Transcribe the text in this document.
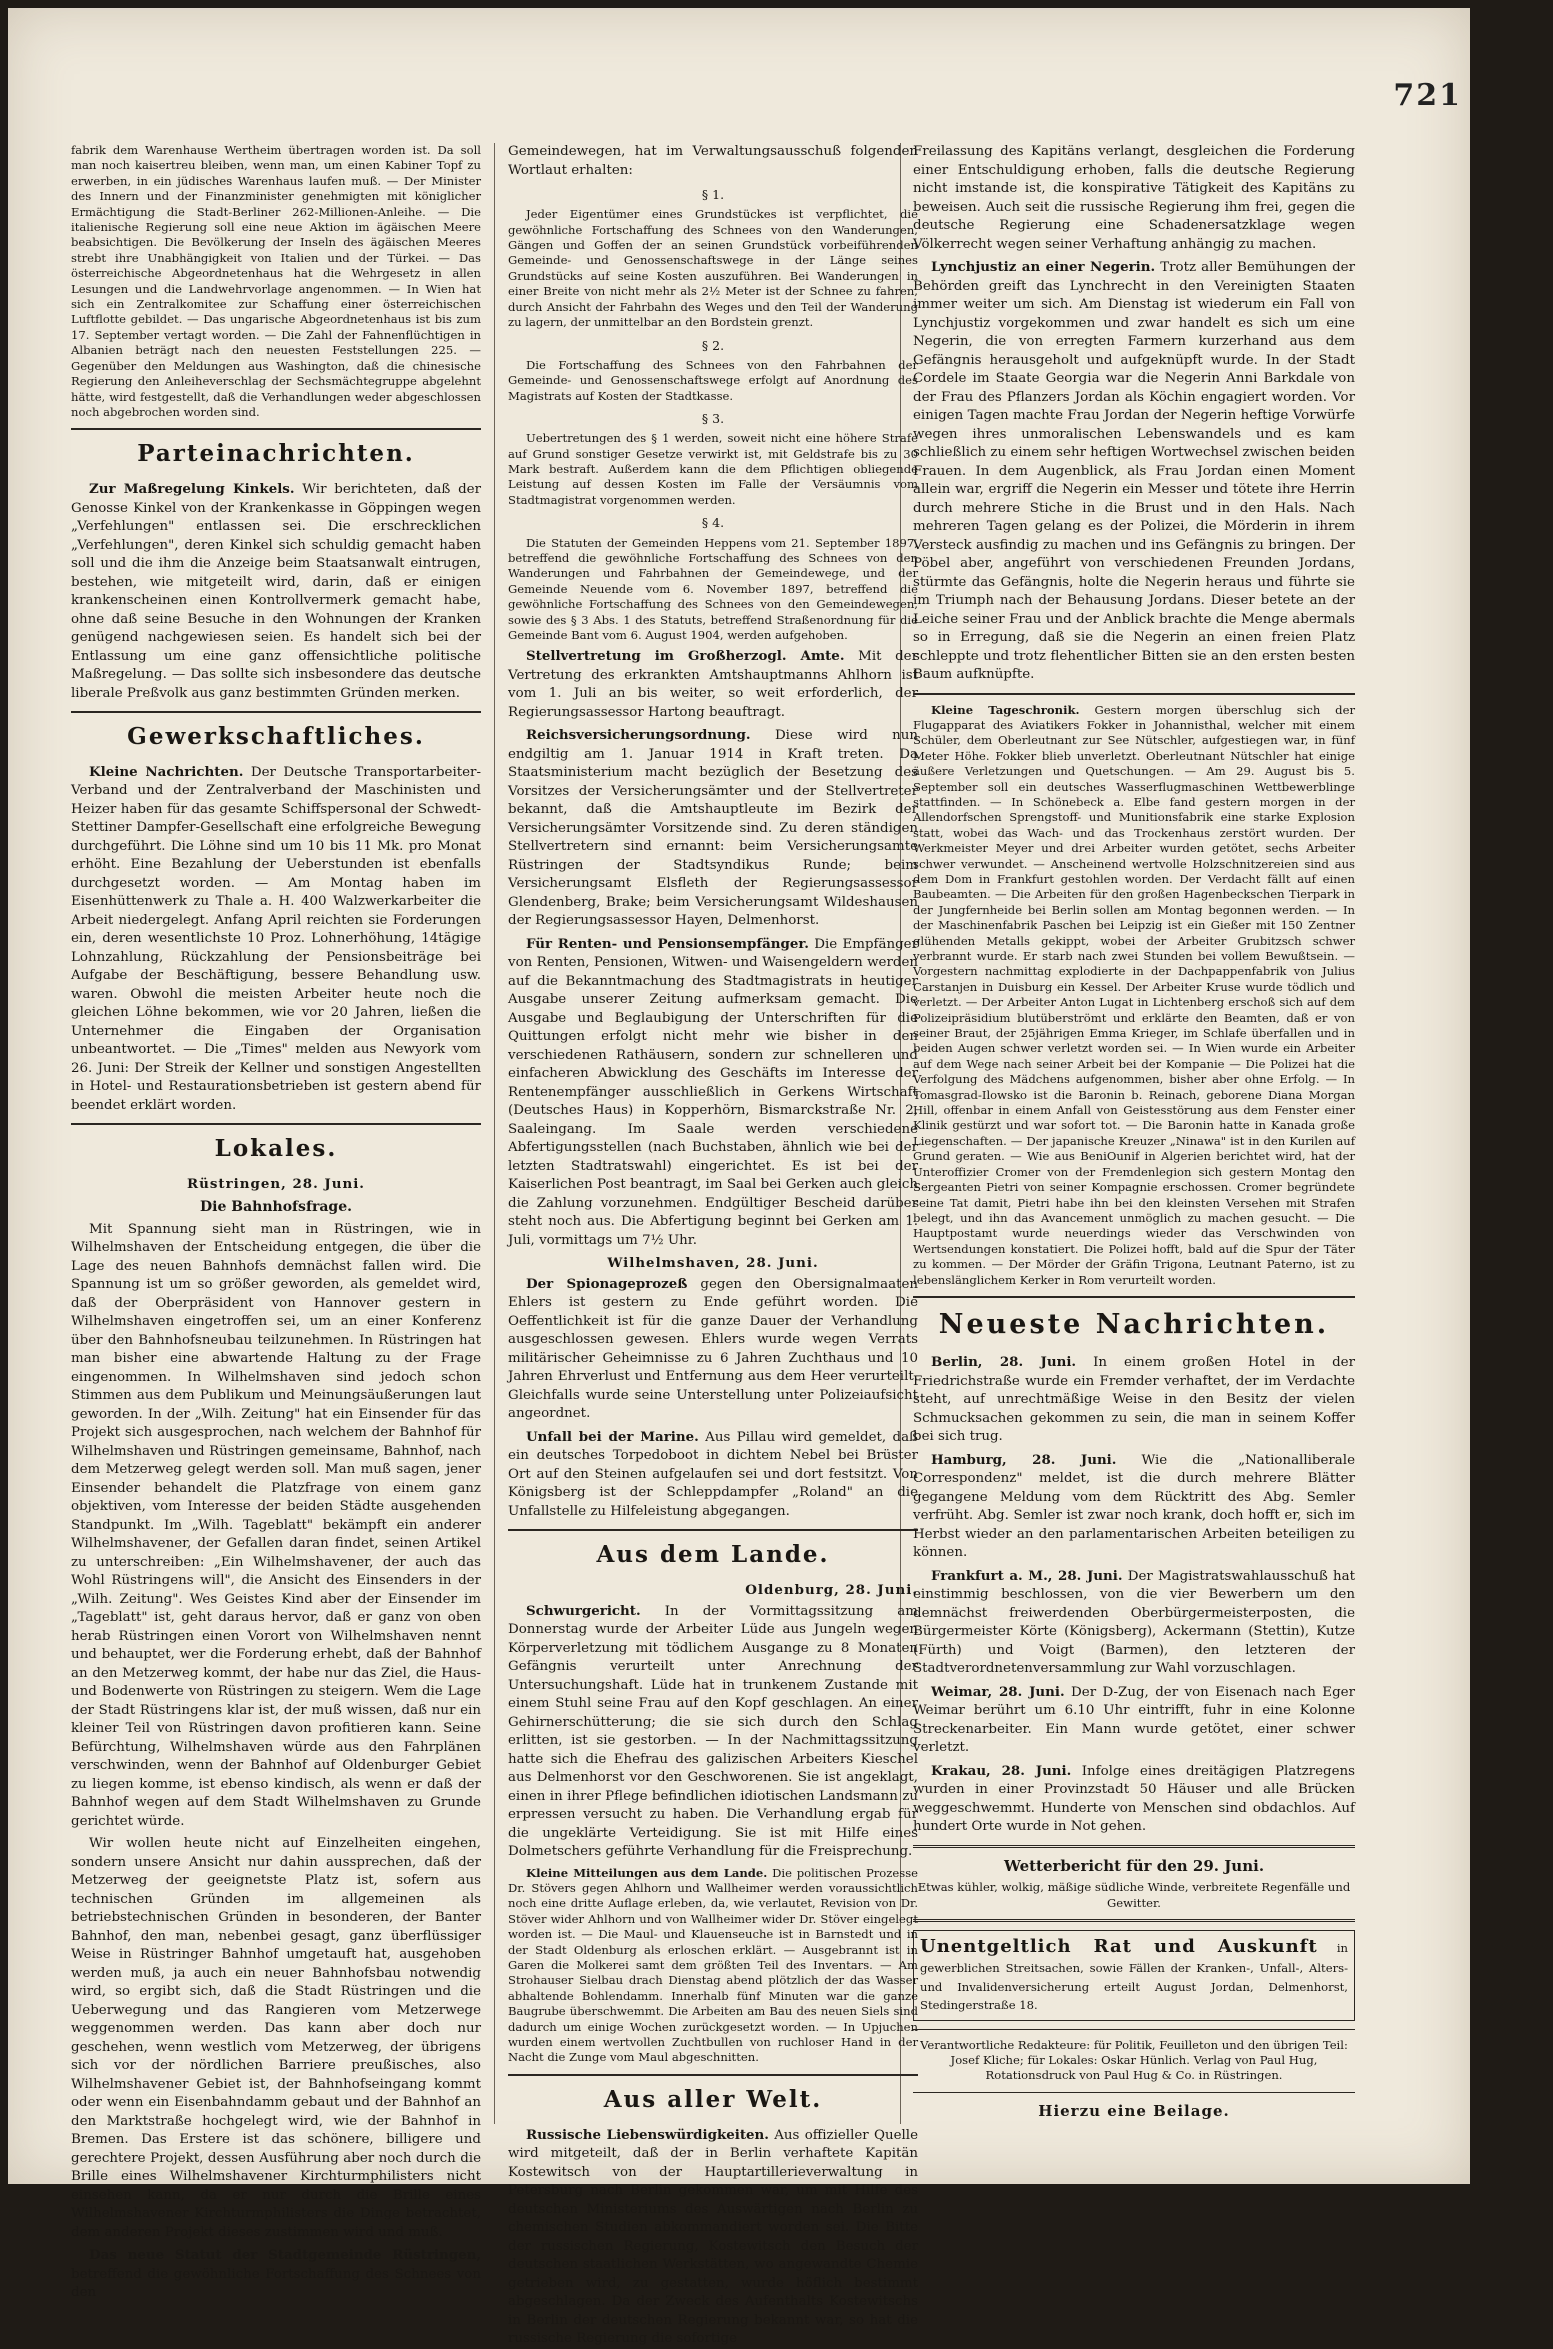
721

fabrik dem Warenhause Wertheim übertragen worden ist. Da soll man noch kaisertreu bleiben, wenn man, um einen Kabiner Topf zu erwerben, in ein jüdisches Warenhaus laufen muß. — Der Minister des Innern und der Finanzminister genehmigten mit königlicher Ermächtigung die Stadt-Berliner 262-Millionen-Anleihe. — Die italienische Regierung soll eine neue Aktion im ägäischen Meere beabsichtigen. Die Bevölkerung der Inseln des ägäischen Meeres strebt ihre Unabhängigkeit von Italien und der Türkei. — Das österreichische Abgeordnetenhaus hat die Wehrgesetz in allen Lesungen und die Landwehrvorlage angenommen. — In Wien hat sich ein Zentralkomitee zur Schaffung einer österreichischen Luftflotte gebildet. — Das ungarische Abgeordnetenhaus ist bis zum 17. September vertagt worden. — Die Zahl der Fahnenflüchtigen in Albanien beträgt nach den neuesten Feststellungen 225. — Gegenüber den Meldungen aus Washington, daß die chinesische Regierung den Anleiheverschlag der Sechsmächtegruppe abgelehnt hätte, wird festgestellt, daß die Verhandlungen weder abgeschlossen noch abgebrochen worden sind.

Parteinachrichten.

Zur Maßregelung Kinkels. Wir berichteten, daß der Genosse Kinkel von der Krankenkasse in Göppingen wegen „Verfehlungen" entlassen sei. Die erschrecklichen „Verfehlungen", deren Kinkel sich schuldig gemacht haben soll und die ihm die Anzeige beim Staatsanwalt eintrugen, bestehen, wie mitgeteilt wird, darin, daß er einigen krankenscheinen einen Kontrollvermerk gemacht habe, ohne daß seine Besuche in den Wohnungen der Kranken genügend nachgewiesen seien. Es handelt sich bei der Entlassung um eine ganz offensichtliche politische Maßregelung. — Das sollte sich insbesondere das deutsche liberale Preßvolk aus ganz bestimmten Gründen merken.

Gewerkschaftliches.

Kleine Nachrichten. Der Deutsche Transportarbeiter-Verband und der Zentralverband der Maschinisten und Heizer haben für das gesamte Schiffspersonal der Schwedt-Stettiner Dampfer-Gesellschaft eine erfolgreiche Bewegung durchgeführt. Die Löhne sind um 10 bis 11 Mk. pro Monat erhöht. Eine Bezahlung der Ueberstunden ist ebenfalls durchgesetzt worden. — Am Montag haben im Eisenhüttenwerk zu Thale a. H. 400 Walzwerkarbeiter die Arbeit niedergelegt. Anfang April reichten sie Forderungen ein, deren wesentlichste 10 Proz. Lohnerhöhung, 14tägige Lohnzahlung, Rückzahlung der Pensionsbeiträge bei Aufgabe der Beschäftigung, bessere Behandlung usw. waren. Obwohl die meisten Arbeiter heute noch die gleichen Löhne bekommen, wie vor 20 Jahren, ließen die Unternehmer die Eingaben der Organisation unbeantwortet. — Die „Times" melden aus Newyork vom 26. Juni: Der Streik der Kellner und sonstigen Angestellten in Hotel- und Restaurationsbetrieben ist gestern abend für beendet erklärt worden.

Lokales.
Rüstringen, 28. Juni.
Die Bahnhofsfrage.

Mit Spannung sieht man in Rüstringen, wie in Wilhelmshaven der Entscheidung entgegen, die über die Lage des neuen Bahnhofs demnächst fallen wird. Die Spannung ist um so größer geworden, als gemeldet wird, daß der Oberpräsident von Hannover gestern in Wilhelmshaven eingetroffen sei, um an einer Konferenz über den Bahnhofsneubau teilzunehmen. In Rüstringen hat man bisher eine abwartende Haltung zu der Frage eingenommen. In Wilhelmshaven sind jedoch schon Stimmen aus dem Publikum und Meinungsäußerungen laut geworden. In der „Wilh. Zeitung" hat ein Einsender für das Projekt sich ausgesprochen, nach welchem der Bahnhof für Wilhelmshaven und Rüstringen gemeinsame, Bahnhof, nach dem Metzerweg gelegt werden soll. Man muß sagen, jener Einsender behandelt die Platzfrage von einem ganz objektiven, vom Interesse der beiden Städte ausgehenden Standpunkt. Im „Wilh. Tageblatt" bekämpft ein anderer Wilhelmshavener, der Gefallen daran findet, seinen Artikel zu unterschreiben: „Ein Wilhelmshavener, der auch das Wohl Rüstringens will", die Ansicht des Einsenders in der „Wilh. Zeitung". Wes Geistes Kind aber der Einsender im „Tageblatt" ist, geht daraus hervor, daß er ganz von oben herab Rüstringen einen Vorort von Wilhelmshaven nennt und behauptet, wer die Forderung erhebt, daß der Bahnhof an den Metzerweg kommt, der habe nur das Ziel, die Haus- und Bodenwerte von Rüstringen zu steigern. Wem die Lage der Stadt Rüstringens klar ist, der muß wissen, daß nur ein kleiner Teil von Rüstringen davon profitieren kann. Seine Befürchtung, Wilhelmshaven würde aus den Fahrplänen verschwinden, wenn der Bahnhof auf Oldenburger Gebiet zu liegen komme, ist ebenso kindisch, als wenn er daß der Bahnhof wegen auf dem Stadt Wilhelmshaven zu Grunde gerichtet würde.

Wir wollen heute nicht auf Einzelheiten eingehen, sondern unsere Ansicht nur dahin aussprechen, daß der Metzerweg der geeignetste Platz ist, sofern aus technischen Gründen im allgemeinen als betriebstechnischen Gründen in besonderen, der Banter Bahnhof, den man, nebenbei gesagt, ganz überflüssiger Weise in Rüstringer Bahnhof umgetauft hat, ausgehoben werden muß, ja auch ein neuer Bahnhofsbau notwendig wird, so ergibt sich, daß die Stadt Rüstringen und die Ueberwegung und das Rangieren vom Metzerwege weggenommen werden. Das kann aber doch nur geschehen, wenn westlich vom Metzerweg, der übrigens sich vor der nördlichen Barriere preußisches, also Wilhelmshavener Gebiet ist, der Bahnhofseingang kommt oder wenn ein Eisenbahndamm gebaut und der Bahnhof an den Marktstraße hochgelegt wird, wie der Bahnhof in Bremen. Das Erstere ist das schönere, billigere und gerechtere Projekt, dessen Ausführung aber noch durch die Brille eines Wilhelmshavener Kirchturmphilisters nicht einsehen kann, da er nur durch die Brille eines Wilhelmshavener Kirchturmphilisters die Dinge betrachtet, dem anderen Projekt dieses zustimmen wird und muß.

Das neue Statut der Stadtgemeinde Rüstringen, betreffend die gewöhnliche Fortschaffung des Schnees von den

Gemeindewegen, hat im Verwaltungsausschuß folgenden Wortlaut erhalten:

§ 1.

Jeder Eigentümer eines Grundstückes ist verpflichtet, die gewöhnliche Fortschaffung des Schnees von den Wanderungen, Gängen und Goffen der an seinen Grundstück vorbeiführenden Gemeinde- und Genossenschaftswege in der Länge seines Grundstücks auf seine Kosten auszuführen. Bei Wanderungen in einer Breite von nicht mehr als 2½ Meter ist der Schnee zu fahren, durch Ansicht der Fahrbahn des Weges und den Teil der Wanderung zu lagern, der unmittelbar an den Bordstein grenzt.

§ 2.

Die Fortschaffung des Schnees von den Fahrbahnen der Gemeinde- und Genossenschaftswege erfolgt auf Anordnung des Magistrats auf Kosten der Stadtkasse.

§ 3.

Uebertretungen des § 1 werden, soweit nicht eine höhere Strafe auf Grund sonstiger Gesetze verwirkt ist, mit Geldstrafe bis zu 30 Mark bestraft. Außerdem kann die dem Pflichtigen obliegende Leistung auf dessen Kosten im Falle der Versäumnis vom Stadtmagistrat vorgenommen werden.

§ 4.

Die Statuten der Gemeinden Heppens vom 21. September 1897, betreffend die gewöhnliche Fortschaffung des Schnees von den Wanderungen und Fahrbahnen der Gemeindewege, und der Gemeinde Neuende vom 6. November 1897, betreffend die gewöhnliche Fortschaffung des Schnees von den Gemeindewegen, sowie des § 3 Abs. 1 des Statuts, betreffend Straßenordnung für die Gemeinde Bant vom 6. August 1904, werden aufgehoben.

Stellvertretung im Großherzogl. Amte. Mit der Vertretung des erkrankten Amtshauptmanns Ahlhorn ist vom 1. Juli an bis weiter, so weit erforderlich, der Regierungsassessor Hartong beauftragt.

Reichsversicherungsordnung. Diese wird nun endgiltig am 1. Januar 1914 in Kraft treten. Da Staatsministerium macht bezüglich der Besetzung des Vorsitzes der Versicherungsämter und der Stellvertreter bekannt, daß die Amtshauptleute im Bezirk der Versicherungsämter Vorsitzende sind. Zu deren ständigen Stellvertretern sind ernannt: beim Versicherungsamte Rüstringen der Stadtsyndikus Runde; beim Versicherungsamt Elsfleth der Regierungsassessor Glendenberg, Brake; beim Versicherungsamt Wildeshausen der Regierungsassessor Hayen, Delmenhorst.

Für Renten- und Pensionsempfänger. Die Empfänger von Renten, Pensionen, Witwen- und Waisengeldern werden auf die Bekanntmachung des Stadtmagistrats in heutiger Ausgabe unserer Zeitung aufmerksam gemacht. Die Ausgabe und Beglaubigung der Unterschriften für die Quittungen erfolgt nicht mehr wie bisher in den verschiedenen Rathäusern, sondern zur schnelleren und einfacheren Abwicklung des Geschäfts im Interesse der Rentenempfänger ausschließlich in Gerkens Wirtschaft (Deutsches Haus) in Kopperhörn, Bismarckstraße Nr. 2, Saaleingang. Im Saale werden verschiedene Abfertigungsstellen (nach Buchstaben, ähnlich wie bei der letzten Stadtratswahl) eingerichtet. Es ist bei der Kaiserlichen Post beantragt, im Saal bei Gerken auch gleich die Zahlung vorzunehmen. Endgültiger Bescheid darüber steht noch aus. Die Abfertigung beginnt bei Gerken am 1. Juli, vormittags um 7½ Uhr.

Wilhelmshaven, 28. Juni.

Der Spionageprozeß gegen den Obersignalmaaten Ehlers ist gestern zu Ende geführt worden. Die Oeffentlichkeit ist für die ganze Dauer der Verhandlung ausgeschlossen gewesen. Ehlers wurde wegen Verrats militärischer Geheimnisse zu 6 Jahren Zuchthaus und 10 Jahren Ehrverlust und Entfernung aus dem Heer verurteilt. Gleichfalls wurde seine Unterstellung unter Polizeiaufsicht angeordnet.

Unfall bei der Marine. Aus Pillau wird gemeldet, daß ein deutsches Torpedoboot in dichtem Nebel bei Brüster Ort auf den Steinen aufgelaufen sei und dort festsitzt. Von Königsberg ist der Schleppdampfer „Roland" an die Unfallstelle zu Hilfeleistung abgegangen.

Aus dem Lande.
Oldenburg, 28. Juni.

Schwurgericht. In der Vormittagssitzung am Donnerstag wurde der Arbeiter Lüde aus Jungeln wegen Körperverletzung mit tödlichem Ausgange zu 8 Monaten Gefängnis verurteilt unter Anrechnung der Untersuchungshaft. Lüde hat in trunkenem Zustande mit einem Stuhl seine Frau auf den Kopf geschlagen. An einer Gehirnerschütterung; die sie sich durch den Schlag erlitten, ist sie gestorben. — In der Nachmittagssitzung hatte sich die Ehefrau des galizischen Arbeiters Kieschel aus Delmenhorst vor den Geschworenen. Sie ist angeklagt, einen in ihrer Pflege befindlichen idiotischen Landsmann zu erpressen versucht zu haben. Die Verhandlung ergab für die ungeklärte Verteidigung. Sie ist mit Hilfe eines Dolmetschers geführte Verhandlung für die Freisprechung.

Kleine Mitteilungen aus dem Lande. Die politischen Prozesse Dr. Stövers gegen Ahlhorn und Wallheimer werden voraussichtlich noch eine dritte Auflage erleben, da, wie verlautet, Revision von Dr. Stöver wider Ahlhorn und von Wallheimer wider Dr. Stöver eingelegt worden ist. — Die Maul- und Klauenseuche ist in Barnstedt und in der Stadt Oldenburg als erloschen erklärt. — Ausgebrannt ist in Garen die Molkerei samt dem größten Teil des Inventars. — Am Strohauser Sielbau drach Dienstag abend plötzlich der das Wasser abhaltende Bohlendamm. Innerhalb fünf Minuten war die ganze Baugrube überschwemmt. Die Arbeiten am Bau des neuen Siels sind dadurch um einige Wochen zurückgesetzt worden. — In Upjuchen wurden einem wertvollen Zuchtbullen von ruchloser Hand in der Nacht die Zunge vom Maul abgeschnitten.

Aus aller Welt.

Russische Liebenswürdigkeiten. Aus offizieller Quelle wird mitgeteilt, daß der in Berlin verhaftete Kapitän Kostewitsch von der Hauptartillerieverwaltung in Petersburg nach Berlin gekommen war, um mit Hilfe des deutschen Ministeriums des Auswärtigen nach Berlin zu chemischen Studien abkommandiert worden sei. Die Bitte der russischen Regierung, Kostewitsch den Besuch der deutschen staatlichen Werkstätten, wo angewandte Chemie getrieben wird, zu gestatten, wurde höflich bestimmt abgeschlagen. Da der Zweck des Aufenthalts Kostewitschs in Berlin der deutschen Regierung bekannt war, so hat die russische Regierung die sofortige

Freilassung des Kapitäns verlangt, desgleichen die Forderung einer Entschuldigung erhoben, falls die deutsche Regierung nicht imstande ist, die konspirative Tätigkeit des Kapitäns zu beweisen. Auch seit die russische Regierung ihm frei, gegen die deutsche Regierung eine Schadenersatzklage wegen Völkerrecht wegen seiner Verhaftung anhängig zu machen.

Lynchjustiz an einer Negerin. Trotz aller Bemühungen der Behörden greift das Lynchrecht in den Vereinigten Staaten immer weiter um sich. Am Dienstag ist wiederum ein Fall von Lynchjustiz vorgekommen und zwar handelt es sich um eine Negerin, die von erregten Farmern kurzerhand aus dem Gefängnis herausgeholt und aufgeknüpft wurde. In der Stadt Cordele im Staate Georgia war die Negerin Anni Barkdale von der Frau des Pflanzers Jordan als Köchin engagiert worden. Vor einigen Tagen machte Frau Jordan der Negerin heftige Vorwürfe wegen ihres unmoralischen Lebenswandels und es kam schließlich zu einem sehr heftigen Wortwechsel zwischen beiden Frauen. In dem Augenblick, als Frau Jordan einen Moment allein war, ergriff die Negerin ein Messer und tötete ihre Herrin durch mehrere Stiche in die Brust und in den Hals. Nach mehreren Tagen gelang es der Polizei, die Mörderin in ihrem Versteck ausfindig zu machen und ins Gefängnis zu bringen. Der Pöbel aber, angeführt von verschiedenen Freunden Jordans, stürmte das Gefängnis, holte die Negerin heraus und führte sie im Triumph nach der Behausung Jordans. Dieser betete an der Leiche seiner Frau und der Anblick brachte die Menge abermals so in Erregung, daß sie die Negerin an einen freien Platz schleppte und trotz flehentlicher Bitten sie an den ersten besten Baum aufknüpfte.

Kleine Tageschronik. Gestern morgen überschlug sich der Flugapparat des Aviatikers Fokker in Johannisthal, welcher mit einem Schüler, dem Oberleutnant zur See Nütschler, aufgestiegen war, in fünf Meter Höhe. Fokker blieb unverletzt. Oberleutnant Nütschler hat einige äußere Verletzungen und Quetschungen. — Am 29. August bis 5. September soll ein deutsches Wasserflugmaschinen Wettbewerblinge stattfinden. — In Schönebeck a. Elbe fand gestern morgen in der Allendorfschen Sprengstoff- und Munitionsfabrik eine starke Explosion statt, wobei das Wach- und das Trockenhaus zerstört wurden. Der Werkmeister Meyer und drei Arbeiter wurden getötet, sechs Arbeiter schwer verwundet. — Anscheinend wertvolle Holzschnitzereien sind aus dem Dom in Frankfurt gestohlen worden. Der Verdacht fällt auf einen Baubeamten. — Die Arbeiten für den großen Hagenbeckschen Tierpark in der Jungfernheide bei Berlin sollen am Montag begonnen werden. — In der Maschinenfabrik Paschen bei Leipzig ist ein Gießer mit 150 Zentner glühenden Metalls gekippt, wobei der Arbeiter Grubitzsch schwer verbrannt wurde. Er starb nach zwei Stunden bei vollem Bewußtsein. — Vorgestern nachmittag explodierte in der Dachpappenfabrik von Julius Carstanjen in Duisburg ein Kessel. Der Arbeiter Kruse wurde tödlich und verletzt. — Der Arbeiter Anton Lugat in Lichtenberg erschoß sich auf dem Polizeipräsidium blutüberströmt und erklärte den Beamten, daß er von seiner Braut, der 25jährigen Emma Krieger, im Schlafe überfallen und in beiden Augen schwer verletzt worden sei. — In Wien wurde ein Arbeiter auf dem Wege nach seiner Arbeit bei der Kompanie — Die Polizei hat die Verfolgung des Mädchens aufgenommen, bisher aber ohne Erfolg. — In Tomasgrad-Ilowsko ist die Baronin b. Reinach, geborene Diana Morgan Hill, offenbar in einem Anfall von Geistesstörung aus dem Fenster einer Klinik gestürzt und war sofort tot. — Die Baronin hatte in Kanada große Liegenschaften. — Der japanische Kreuzer „Ninawa" ist in den Kurilen auf Grund geraten. — Wie aus BeniOunif in Algerien berichtet wird, hat der Unteroffizier Cromer von der Fremdenlegion sich gestern Montag den Sergeanten Pietri von seiner Kompagnie erschossen. Cromer begründete seine Tat damit, Pietri habe ihn bei den kleinsten Versehen mit Strafen belegt, und ihn das Avancement unmöglich zu machen gesucht. — Die Hauptpostamt wurde neuerdings wieder das Verschwinden von Wertsendungen konstatiert. Die Polizei hofft, bald auf die Spur der Täter zu kommen. — Der Mörder der Gräfin Trigona, Leutnant Paterno, ist zu lebenslänglichem Kerker in Rom verurteilt worden.

Neueste Nachrichten.

Berlin, 28. Juni. In einem großen Hotel in der Friedrichstraße wurde ein Fremder verhaftet, der im Verdachte steht, auf unrechtmäßige Weise in den Besitz der vielen Schmucksachen gekommen zu sein, die man in seinem Koffer bei sich trug.

Hamburg, 28. Juni. Wie die „Nationalliberale Correspondenz" meldet, ist die durch mehrere Blätter gegangene Meldung vom dem Rücktritt des Abg. Semler verfrüht. Abg. Semler ist zwar noch krank, doch hofft er, sich im Herbst wieder an den parlamentarischen Arbeiten beteiligen zu können.

Frankfurt a. M., 28. Juni. Der Magistratswahlausschuß hat einstimmig beschlossen, von die vier Bewerbern um den demnächst freiwerdenden Oberbürgermeisterposten, die Bürgermeister Körte (Königsberg), Ackermann (Stettin), Kutze (Fürth) und Voigt (Barmen), den letzteren der Stadtverordnetenversammlung zur Wahl vorzuschlagen.

Weimar, 28. Juni. Der D-Zug, der von Eisenach nach Eger Weimar berührt um 6.10 Uhr eintrifft, fuhr in eine Kolonne Streckenarbeiter. Ein Mann wurde getötet, einer schwer verletzt.

Krakau, 28. Juni. Infolge eines dreitägigen Platzregens wurden in einer Provinzstadt 50 Häuser und alle Brücken weggeschwemmt. Hunderte von Menschen sind obdachlos. Auf hundert Orte wurde in Not gehen.

Wetterbericht für den 29. Juni.

Etwas kühler, wolkig, mäßige südliche Winde, verbreitete Regenfälle und Gewitter.

Unentgeltlich Rat und Auskunft in gewerblichen Streitsachen, sowie Fällen der Kranken-, Unfall-, Alters- und Invalidenversicherung erteilt August Jordan, Delmenhorst, Stedingerstraße 18.

Verantwortliche Redakteure: für Politik, Feuilleton und den übrigen Teil: Josef Kliche; für Lokales: Oskar Hünlich. Verlag von Paul Hug, Rotationsdruck von Paul Hug & Co. in Rüstringen.

Hierzu eine Beilage.
